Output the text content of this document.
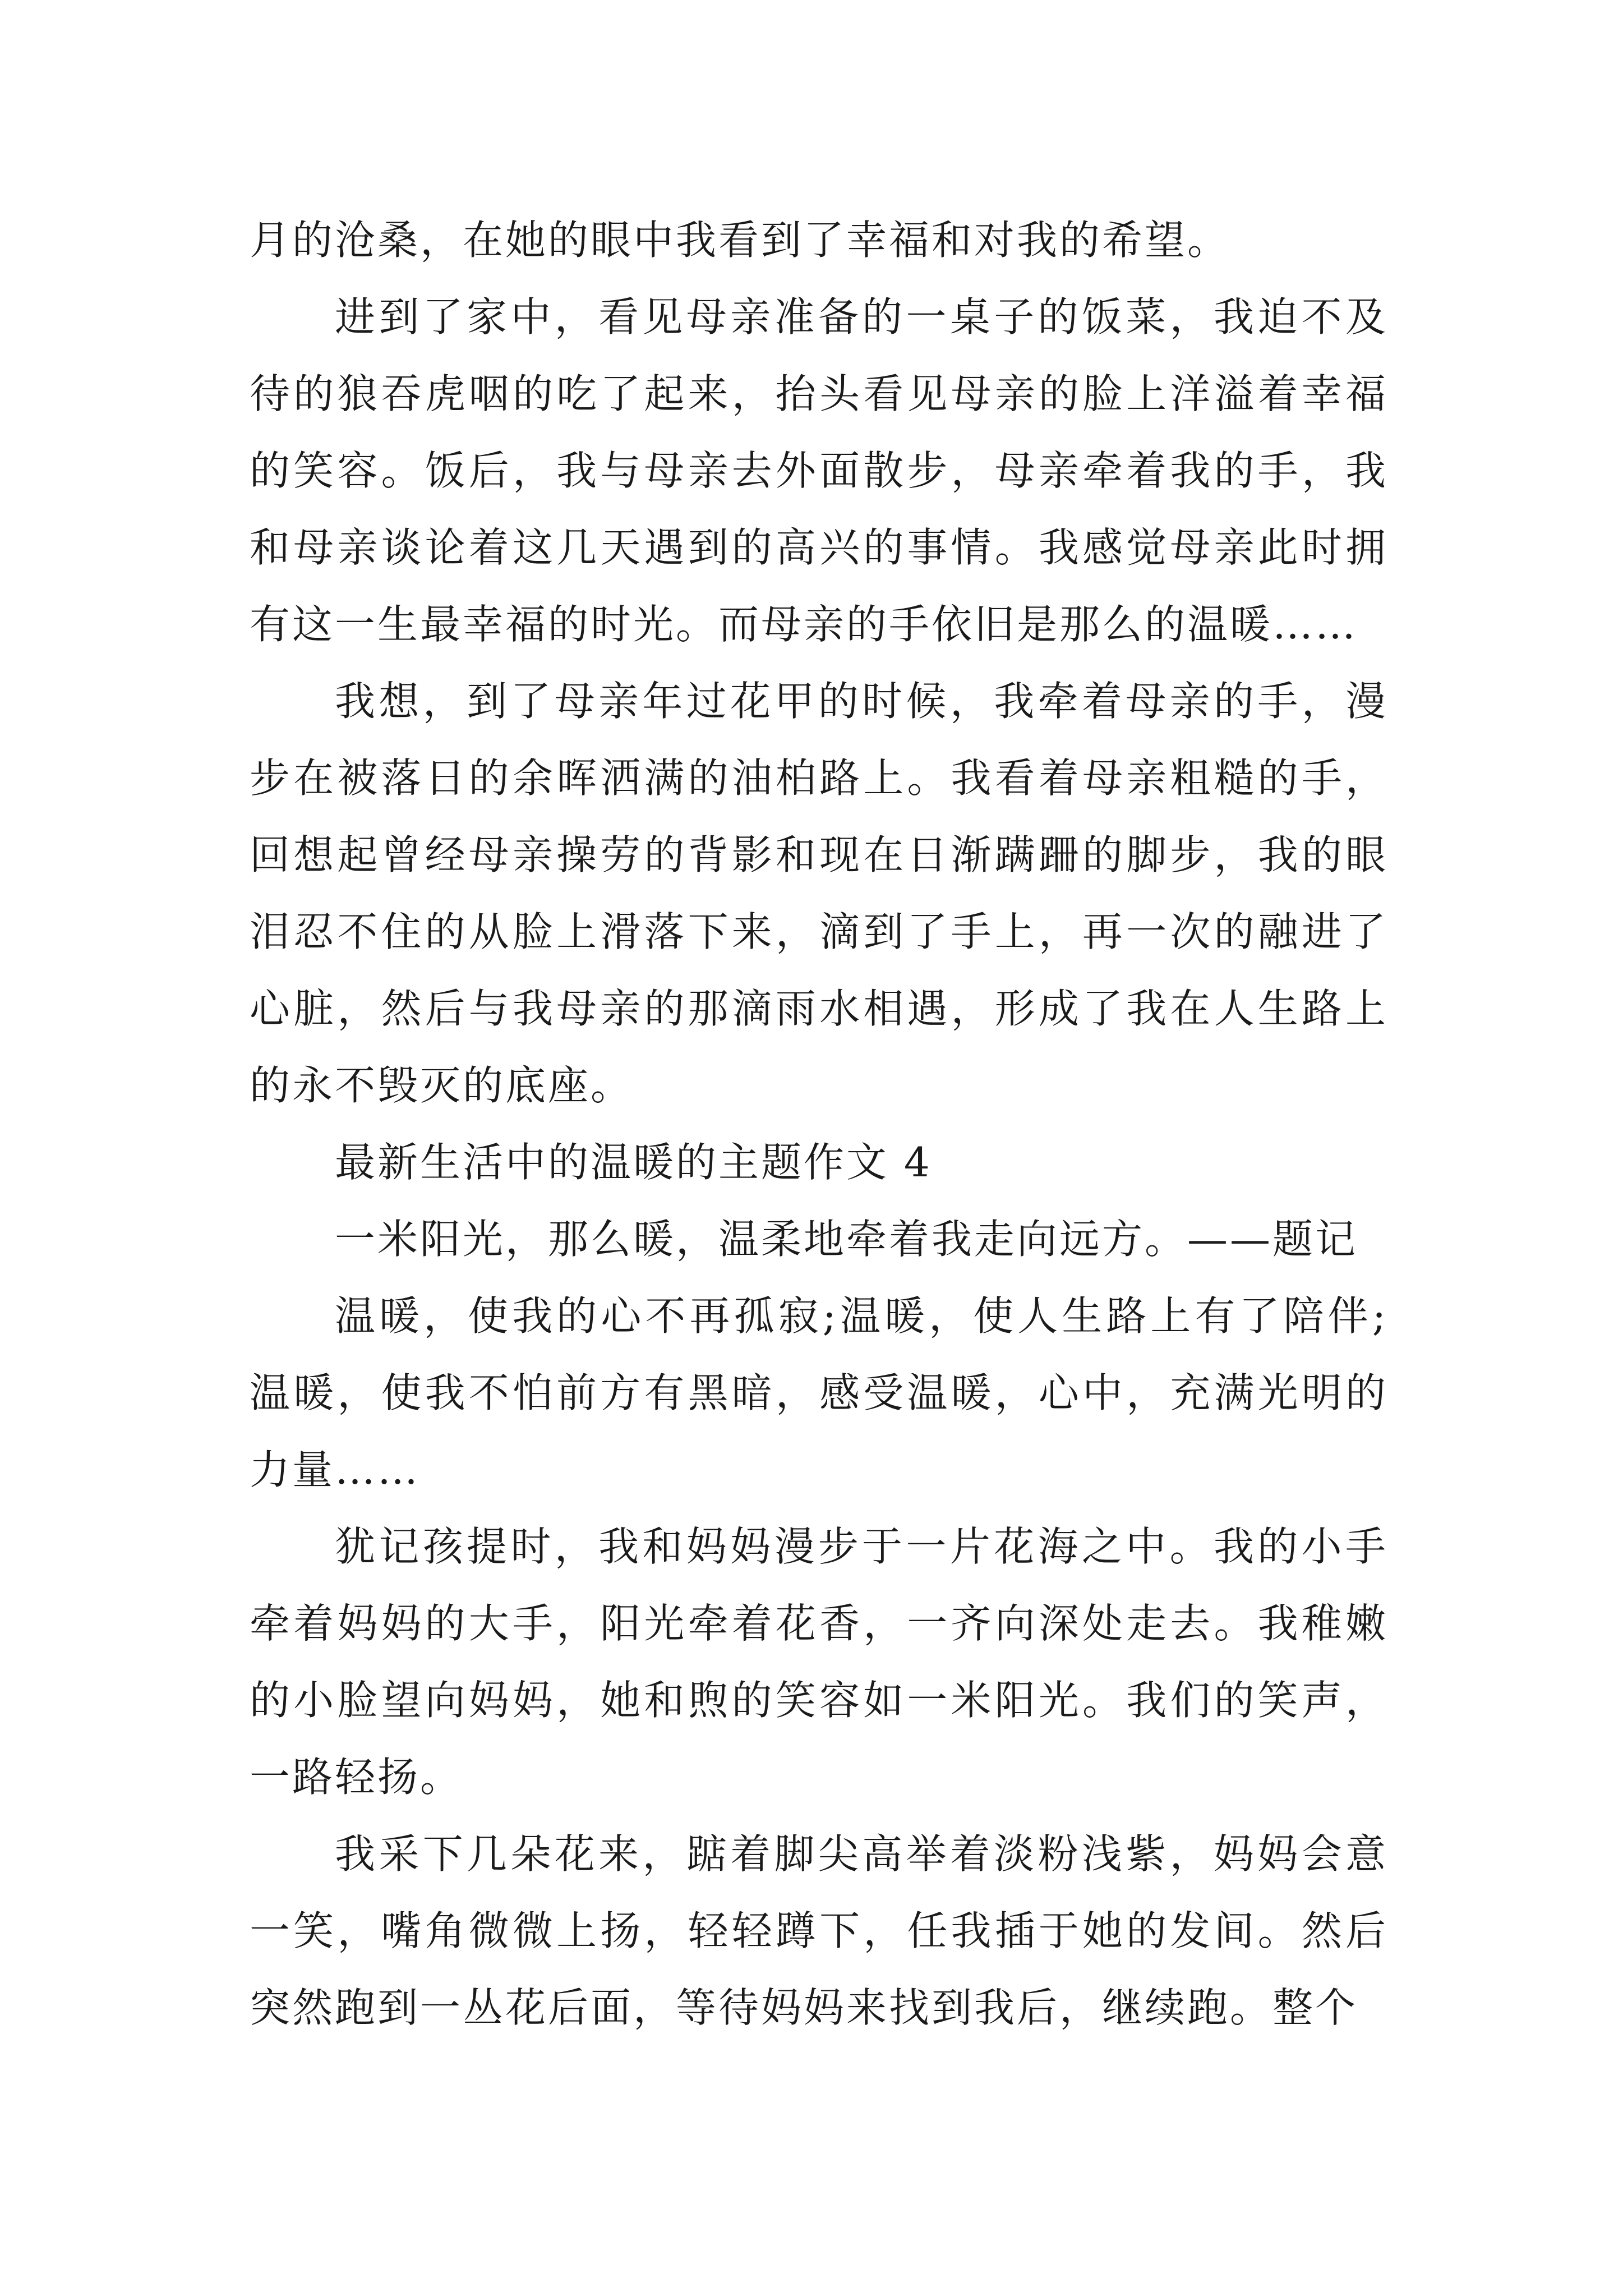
月的沧桑，在她的眼中我看到了幸福和对我的希望。

进到了家中，看见母亲准备的一桌子的饭菜，我迫不及待的狼吞虎咽的吃了起来，抬头看见母亲的脸上洋溢着幸福的笑容。饭后，我与母亲去外面散步，母亲牵着我的手，我和母亲谈论着这几天遇到的高兴的事情。我感觉母亲此时拥有这一生最幸福的时光。而母亲的手依旧是那么的温暖……

我想，到了母亲年过花甲的时候，我牵着母亲的手，漫步在被落日的余晖洒满的油柏路上。我看着母亲粗糙的手，回想起曾经母亲操劳的背影和现在日渐蹒跚的脚步，我的眼泪忍不住的从脸上滑落下来，滴到了手上，再一次的融进了心脏，然后与我母亲的那滴雨水相遇，形成了我在人生路上的永不毁灭的底座。

最新生活中的温暖的主题作文 4

一米阳光，那么暖，温柔地牵着我走向远方。——题记

温暖，使我的心不再孤寂;温暖，使人生路上有了陪伴;温暖，使我不怕前方有黑暗，感受温暖，心中，充满光明的力量……

犹记孩提时，我和妈妈漫步于一片花海之中。我的小手牵着妈妈的大手，阳光牵着花香，一齐向深处走去。我稚嫩的小脸望向妈妈，她和煦的笑容如一米阳光。我们的笑声，一路轻扬。

我采下几朵花来，踮着脚尖高举着淡粉浅紫，妈妈会意一笑，嘴角微微上扬，轻轻蹲下，任我插于她的发间。然后突然跑到一丛花后面，等待妈妈来找到我后，继续跑。整个
